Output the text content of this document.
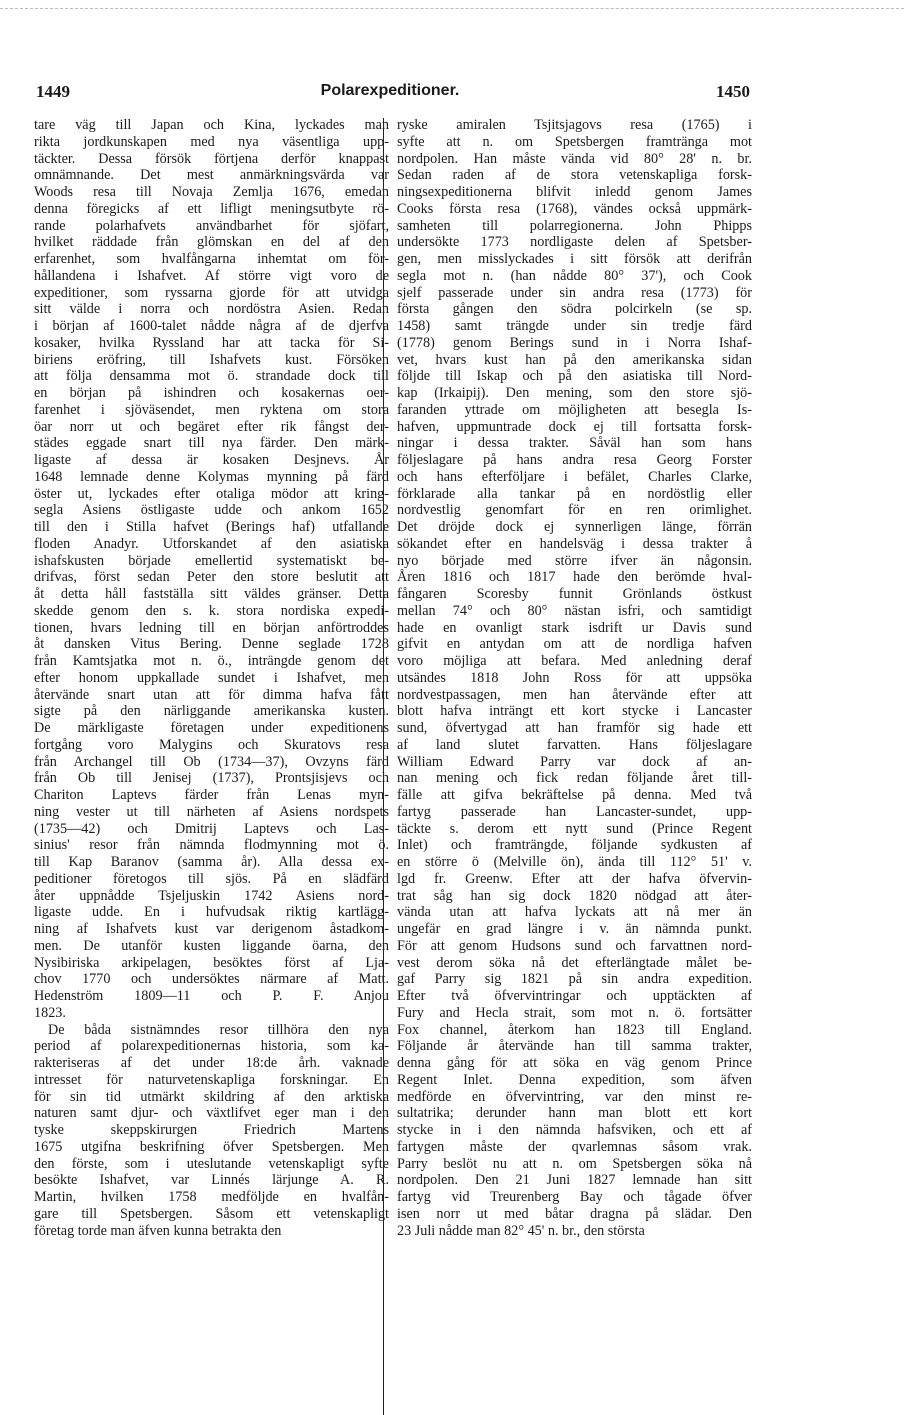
1449	Polarexpeditioner.	1450

tare väg till Japan och Kina, lyckades man

rikta jordkunskapen med nya väsentliga upp-

täckter. Dessa försök förtjena derför knappast

omnämnande. Det mest anmärkningsvärda var

Woods resa till Novaja Zemlja 1676, emedan

denna föregicks af ett lifligt meningsutbyte rö-

rande polarhafvets användbarhet för sjöfart,

hvilket räddade från glömskan en del af den

erfarenhet, som hvalfångarna inhemtat om för-

hållandena i Ishafvet. Af större vigt voro de

expeditioner, som ryssarna gjorde för att utvidga

sitt välde i norra och nordöstra Asien. Redan

i början af 1600-talet nådde några af de djerfva

kosaker, hvilka Ryssland har att tacka för Si-

biriens eröfring, till Ishafvets kust. Försöken

att följa densamma mot ö. strandade dock till

en början på ishindren och kosakernas oer-

farenhet i sjöväsendet, men ryktena om stora

öar norr ut och begäret efter rik fångst der-

städes eggade snart till nya färder. Den märk-

ligaste af dessa är kosaken Desjnevs. År

1648 lemnade denne Kolymas mynning på färd

öster ut, lyckades efter otaliga mödor att kring-

segla Asiens östligaste udde och ankom 1652

till den i Stilla hafvet (Berings haf) utfallande

floden Anadyr. Utforskandet af den asiatiska

ishafskusten började emellertid systematiskt be-

drifvas, först sedan Peter den store beslutit att

åt detta håll fastställa sitt väldes gränser. Detta

skedde genom den s. k. stora nordiska expedi-

tionen, hvars ledning till en början anförtroddes

åt dansken Vitus Bering. Denne seglade 1728

från Kamtsjatka mot n. ö., inträngde genom det

efter honom uppkallade sundet i Ishafvet, men

återvände snart utan att för dimma hafva fått

sigte på den närliggande amerikanska kusten.

De märkligaste företagen under expeditionens

fortgång voro Malygins och Skuratovs resa

från Archangel till Ob (1734—37), Ovzyns färd

från Ob till Jenisej (1737), Prontsjisjevs och

Chariton Laptevs färder från Lenas myn-

ning vester ut till närheten af Asiens nordspets

(1735—42) och Dmitrij Laptevs och Las-

sinius' resor från nämnda flodmynning mot ö.

till Kap Baranov (samma år). Alla dessa ex-

peditioner företogos till sjös. På en slädfärd

åter uppnådde Tsjeljuskin 1742 Asiens nord-

ligaste udde. En i hufvudsak riktig kartlägg-

ning af Ishafvets kust var derigenom åstadkom-

men. De utanför kusten liggande öarna, den

Nysibiriska arkipelagen, besöktes först af Lja-

chov 1770 och undersöktes närmare af Matt.

Hedenström 1809—11 och P. F. Anjou

1823.

De båda sistnämndes resor tillhöra den nya

period af polarexpeditionernas historia, som ka-

rakteriseras af det under 18:de årh. vaknade

intresset för naturvetenskapliga forskningar. En

för sin tid utmärkt skildring af den arktiska

naturen samt djur- och växtlifvet eger man i den

tyske skeppskirurgen Friedrich Martens

1675 utgifna beskrifning öfver Spetsbergen. Men

den förste, som i uteslutande vetenskapligt syfte

besökte Ishafvet, var Linnés lärjunge A. R.

Martin, hvilken 1758 medföljde en hvalfån-

gare till Spetsbergen. Såsom ett vetenskapligt

företag torde man äfven kunna betrakta den

ryske amiralen Tsjitsjagovs resa (1765) i

syfte att n. om Spetsbergen framtränga mot

nordpolen. Han måste vända vid 80° 28' n. br.

Sedan raden af de stora vetenskapliga forsk-

ningsexpeditionerna blifvit inledd genom James

Cooks första resa (1768), vändes också uppmärk-

samheten till polarregionerna. John Phipps

undersökte 1773 nordligaste delen af Spetsber-

gen, men misslyckades i sitt försök att derifrån

segla mot n. (han nådde 80° 37'), och Cook

sjelf passerade under sin andra resa (1773) för

första gången den södra polcirkeln (se sp.

1458) samt trängde under sin tredje färd

(1778) genom Berings sund in i Norra Ishaf-

vet, hvars kust han på den amerikanska sidan

följde till Iskap och på den asiatiska till Nord-

kap (Irkaipij). Den mening, som den store sjö-

faranden yttrade om möjligheten att besegla Is-

hafven, uppmuntrade dock ej till fortsatta forsk-

ningar i dessa trakter. Såväl han som hans

följeslagare på hans andra resa Georg Forster

och hans efterföljare i befälet, Charles Clarke,

förklarade alla tankar på en nordöstlig eller

nordvestlig genomfart för en ren orimlighet.

Det dröjde dock ej synnerligen länge, förrän

sökandet efter en handelsväg i dessa trakter å

nyo började med större ifver än någonsin.

Åren 1816 och 1817 hade den berömde hval-

fångaren Scoresby funnit Grönlands östkust

mellan 74° och 80° nästan isfri, och samtidigt

hade en ovanligt stark isdrift ur Davis sund

gifvit en antydan om att de nordliga hafven

voro möjliga att befara. Med anledning deraf

utsändes 1818 John Ross för att uppsöka

nordvestpassagen, men han återvände efter att

blott hafva inträngt ett kort stycke i Lancaster

sund, öfvertygad att han framför sig hade ett

af land slutet farvatten. Hans följeslagare

William Edward Parry var dock af an-

nan mening och fick redan följande året till-

fälle att gifva bekräftelse på denna. Med två

fartyg passerade han Lancaster-sundet, upp-

täckte s. derom ett nytt sund (Prince Regent

Inlet) och framträngde, följande sydkusten af

en större ö (Melville ön), ända till 112° 51' v.

lgd fr. Greenw. Efter att der hafva öfvervin-

trat såg han sig dock 1820 nödgad att åter-

vända utan att hafva lyckats att nå mer än

ungefär en grad längre i v. än nämnda punkt.

För att genom Hudsons sund och farvattnen nord-

vest derom söka nå det efterlängtade målet be-

gaf Parry sig 1821 på sin andra expedition.

Efter två öfvervintringar och upptäckten af

Fury and Hecla strait, som mot n. ö. fortsätter

Fox channel, återkom han 1823 till England.

Följande år återvände han till samma trakter,

denna gång för att söka en väg genom Prince

Regent Inlet. Denna expedition, som äfven

medförde en öfvervintring, var den minst re-

sultatrika; derunder hann man blott ett kort

stycke in i den nämnda hafsviken, och ett af

fartygen måste der qvarlemnas såsom vrak.

Parry beslöt nu att n. om Spetsbergen söka nå

nordpolen. Den 21 Juni 1827 lemnade han sitt

fartyg vid Treurenberg Bay och tågade öfver

isen norr ut med båtar dragna på slädar. Den

23 Juli nådde man 82° 45' n. br., den största
